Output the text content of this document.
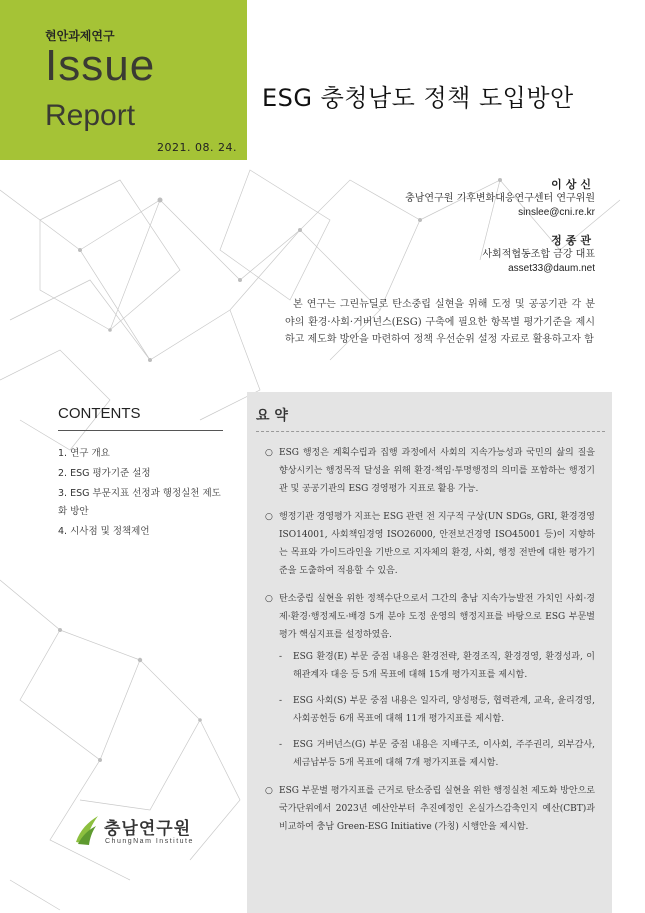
현안과제연구
Issue
Report
2021. 08. 24.
ESG 충청남도 정책 도입방안
이상신
충남연구원 기후변화대응연구센터 연구위원
sinslee@cni.re.kr
정종관
사회적협동조합 금강 대표
asset33@daum.net
본 연구는 그린뉴딜로 탄소중립 실현을 위해 도정 및 공공기관 각 분야의 환경·사회·거버넌스(ESG) 구축에 필요한 항목별 평가기준을 제시하고 제도화 방안을 마련하여 정책 우선순위 설정 자료로 활용하고자 함
CONTENTS
1. 연구 개요
2. ESG 평가기준 설정
3. ESG 부문지표 선정과 행정실천 제도화 방안
4. 시사점 및 정책제언
요 약
○ ESG 행정은 계획수립과 집행 과정에서 사회의 지속가능성과 국민의 삶의 질을 향상시키는 행정목적 달성을 위해 환경·책임·투명행정의 의미를 포함하는 행정기관 및 공공기관의 ESG 경영평가 지표로 활용 가능.
○ 행정기관 경영평가 지표는 ESG 관련 전 지구적 구상(UN SDGs, GRI, 환경경영 ISO14001, 사회책임경영 ISO26000, 안전보건경영 ISO45001 등)이 지향하는 목표와 가이드라인을 기반으로 지자체의 환경, 사회, 행정 전반에 대한 평가기준을 도출하여 적용할 수 있음.
○ 탄소중립 실현을 위한 정책수단으로서 그간의 충남 지속가능발전 가치인 사회·경제·환경·행정제도·배경 5개 분야 도정 운영의 행정지표를 바탕으로 ESG 부문별 평가 핵심지표를 설정하였음.
- ESG 환경(E) 부문 중점 내용은 환경전략, 환경조직, 환경경영, 환경성과, 이해관계자 대응 등 5개 목표에 대해 15개 평가지표를 제시함.
- ESG 사회(S) 부문 중점 내용은 일자리, 양성평등, 협력관계, 교육, 윤리경영, 사회공헌등 6개 목표에 대해 11개 평가지표를 제시함.
- ESG 거버넌스(G) 부문 중점 내용은 지배구조, 이사회, 주주권리, 외부감사, 세금납부등 5개 목표에 대해 7개 평가지표를 제시함.
○ ESG 부문별 평가지표를 근거로 탄소중립 실현을 위한 행정실천 제도화 방안으로 국가단위에서 2023년 예산안부터 추진예정인 온실가스감축인지 예산(CBT)과 비교하여 충남 Green-ESG Initiative (가칭) 시행안을 제시함.
충남연구원
ChungNam Institute
